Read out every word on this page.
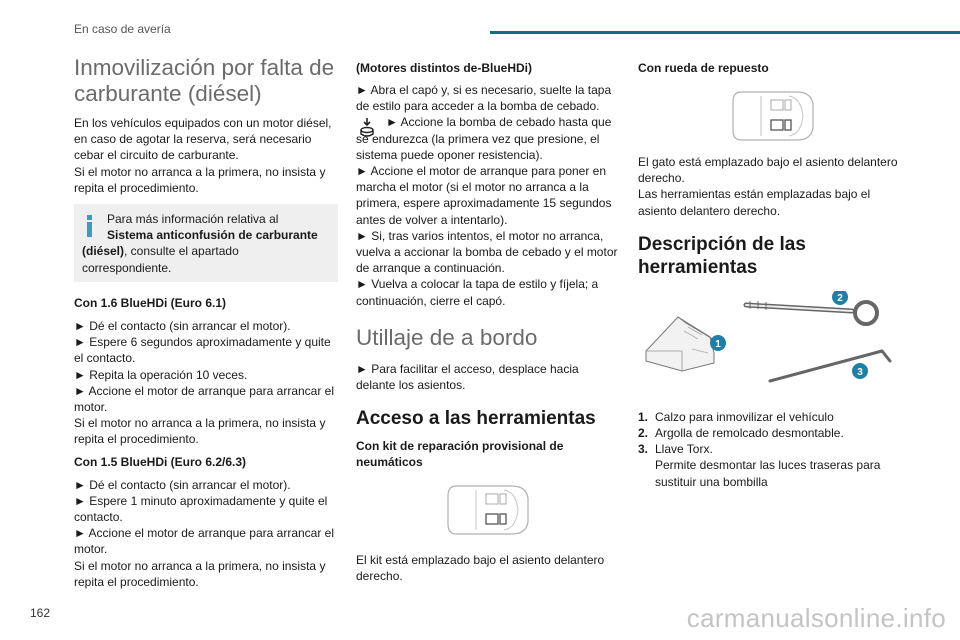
En caso de avería
Inmovilización por falta de carburante (diésel)
En los vehículos equipados con un motor diésel, en caso de agotar la reserva, será necesario cebar el circuito de carburante.
Si el motor no arranca a la primera, no insista y repita el procedimiento.
Para más información relativa al
Sistema anticonfusión de carburante (diésel), consulte el apartado correspondiente.
Con 1.6 BlueHDi (Euro 6.1)
► Dé el contacto (sin arrancar el motor).
► Espere 6 segundos aproximadamente y quite el contacto.
► Repita la operación 10 veces.
► Accione el motor de arranque para arrancar el motor.
Si el motor no arranca a la primera, no insista y repita el procedimiento.
Con 1.5 BlueHDi (Euro 6.2/6.3)
► Dé el contacto (sin arrancar el motor).
► Espere 1 minuto aproximadamente y quite el contacto.
► Accione el motor de arranque para arrancar el motor.
Si el motor no arranca a la primera, no insista y repita el procedimiento.
(Motores distintos de-BlueHDi)
► Abra el capó y, si es necesario, suelte la tapa de estilo para acceder a la bomba de cebado.
► Accione la bomba de cebado hasta que se endurezca (la primera vez que presione, el sistema puede oponer resistencia).
► Accione el motor de arranque para poner en marcha el motor (si el motor no arranca a la primera, espere aproximadamente 15 segundos antes de volver a intentarlo).
► Si, tras varios intentos, el motor no arranca, vuelva a accionar la bomba de cebado y el motor de arranque a continuación.
► Vuelva a colocar la tapa de estilo y fíjela; a continuación, cierre el capó.
Utillaje de a bordo
► Para facilitar el acceso, desplace hacia delante los asientos.
Acceso a las herramientas
Con kit de reparación provisional de neumáticos
El kit está emplazado bajo el asiento delantero derecho.
Con rueda de repuesto
El gato está emplazado bajo el asiento delantero derecho.
Las herramientas están emplazadas bajo el asiento delantero derecho.
Descripción de las herramientas
1
2
3
1. Calzo para inmovilizar el vehículo
2. Argolla de remolcado desmontable.
3. Llave Torx.
Permite desmontar las luces traseras para sustituir una bombilla
162	carmanualsonline.info
